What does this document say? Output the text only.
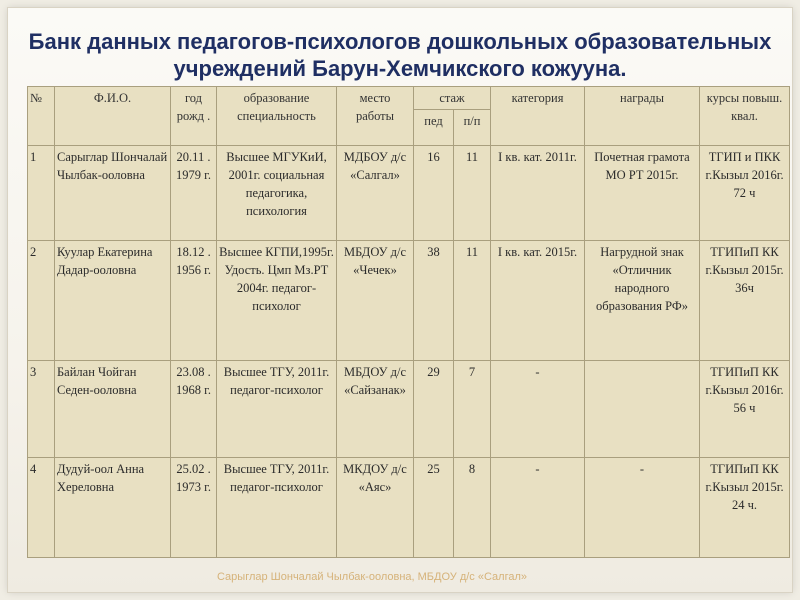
Банк данных педагогов-психологов дошкольных образовательных учреждений Барун-Хемчикского кожууна.
№	Ф.И.О.	год рожд .	образование специальность	место работы	стаж		категория	награды	курсы повыш. квал.
					пед	п/п			
1	Сарыглар Шончалай Чылбак-ооловна	20.11 . 1979 г.	Высшее МГУКиИ, 2001г. социальная педагогика, психология	МДБОУ д/с «Салгал»	16	11	I кв. кат. 2011г.	Почетная грамота МО РТ 2015г.	ТГИП и ПКК г.Кызыл 2016г. 72 ч
2	Куулар Екатерина Дадар-ооловна	18.12 . 1956 г.	Высшее КГПИ,1995г. Удость. Цмп Мз.РТ 2004г. педагог-психолог	МБДОУ д/с «Чечек»	38	11	I кв. кат. 2015г.	Нагрудной знак «Отличник народного образования РФ»	ТГИПиП КК г.Кызыл 2015г. 36ч
3	Байлан Чойган Седен-ооловна	23.08 . 1968 г.	Высшее ТГУ, 2011г. педагог-психолог	МБДОУ д/с «Сайзанак»	29	7	-		ТГИПиП КК г.Кызыл 2016г. 56 ч
4	Дудуй-оол Анна Хереловна	25.02 . 1973 г.	Высшее ТГУ, 2011г. педагог-психолог	МКДОУ д/с «Аяс»	25	8	-	-	ТГИПиП КК г.Кызыл 2015г. 24 ч.
Сарыглар Шончалай Чылбак-ооловна, МБДОУ д/с «Салгал»
